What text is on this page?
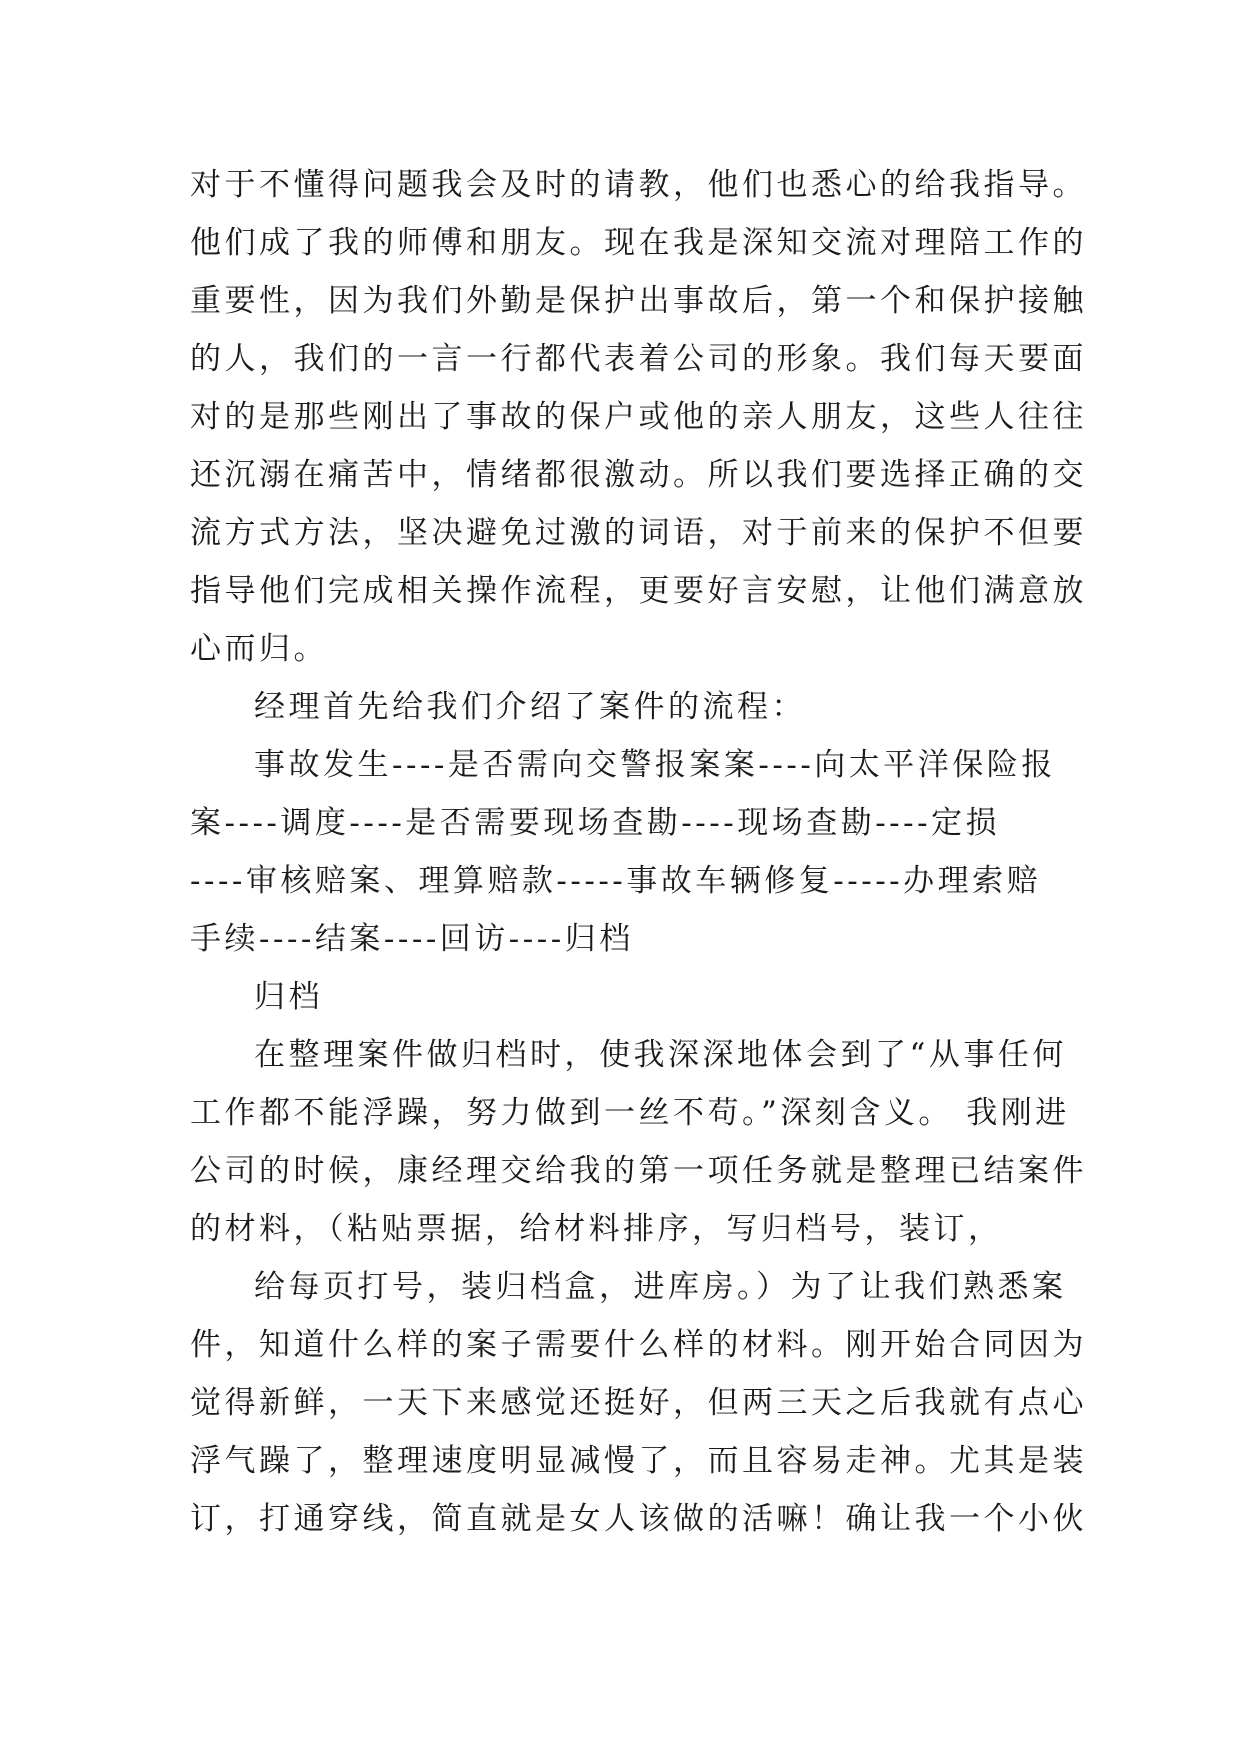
对于不懂得问题我会及时的请教，他们也悉心的给我指导。

他们成了我的师傅和朋友。现在我是深知交流对理陪工作的

重要性，因为我们外勤是保护出事故后，第一个和保护接触

的人，我们的一言一行都代表着公司的形象。我们每天要面

对的是那些刚出了事故的保户或他的亲人朋友，这些人往往

还沉溺在痛苦中，情绪都很激动。所以我们要选择正确的交

流方式方法，坚决避免过激的词语，对于前来的保护不但要

指导他们完成相关操作流程，更要好言安慰，让他们满意放

心而归。

经理首先给我们介绍了案件的流程：

事故发生----是否需向交警报案案----向太平洋保险报

案----调度----是否需要现场查勘----现场查勘----定损

----审核赔案、理算赔款-----事故车辆修复-----办理索赔

手续----结案----回访----归档

归档

在整理案件做归档时，使我深深地体会到了“从事任何

工作都不能浮躁，努力做到一丝不苟。”深刻含义。 我刚进

公司的时候，康经理交给我的第一项任务就是整理已结案件

的材料，（粘贴票据，给材料排序，写归档号，装订，

给每页打号，装归档盒，进库房。）为了让我们熟悉案

件，知道什么样的案子需要什么样的材料。刚开始合同因为

觉得新鲜，一天下来感觉还挺好，但两三天之后我就有点心

浮气躁了，整理速度明显减慢了，而且容易走神。尤其是装

订，打通穿线，简直就是女人该做的活嘛！确让我一个小伙
